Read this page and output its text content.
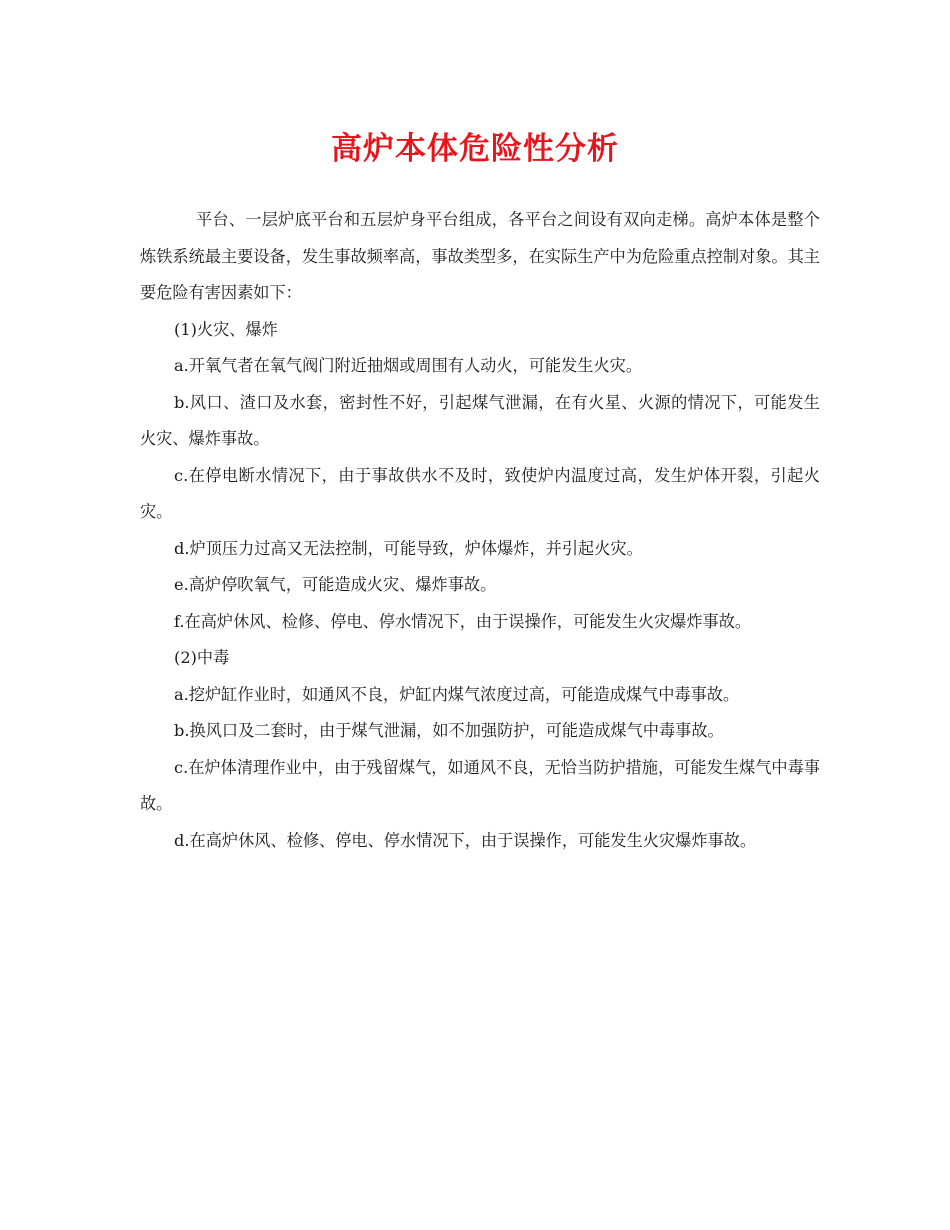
高炉本体危险性分析

平台、一层炉底平台和五层炉身平台组成，各平台之间设有双向走梯。高炉本体是整个炼铁系统最主要设备，发生事故频率高，事故类型多，在实际生产中为危险重点控制对象。其主要危险有害因素如下：

(1)火灾、爆炸

a.开氧气者在氧气阀门附近抽烟或周围有人动火，可能发生火灾。

b.风口、渣口及水套，密封性不好，引起煤气泄漏，在有火星、火源的情况下，可能发生火灾、爆炸事故。

c.在停电断水情况下，由于事故供水不及时，致使炉内温度过高，发生炉体开裂，引起火灾。

d.炉顶压力过高又无法控制，可能导致，炉体爆炸，并引起火灾。

e.高炉停吹氧气，可能造成火灾、爆炸事故。

f.在高炉休风、检修、停电、停水情况下，由于误操作，可能发生火灾爆炸事故。

(2)中毒

a.挖炉缸作业时，如通风不良，炉缸内煤气浓度过高，可能造成煤气中毒事故。

b.换风口及二套时，由于煤气泄漏，如不加强防护，可能造成煤气中毒事故。

c.在炉体清理作业中，由于残留煤气，如通风不良，无恰当防护措施，可能发生煤气中毒事故。

d.在高炉休风、检修、停电、停水情况下，由于误操作，可能发生火灾爆炸事故。
